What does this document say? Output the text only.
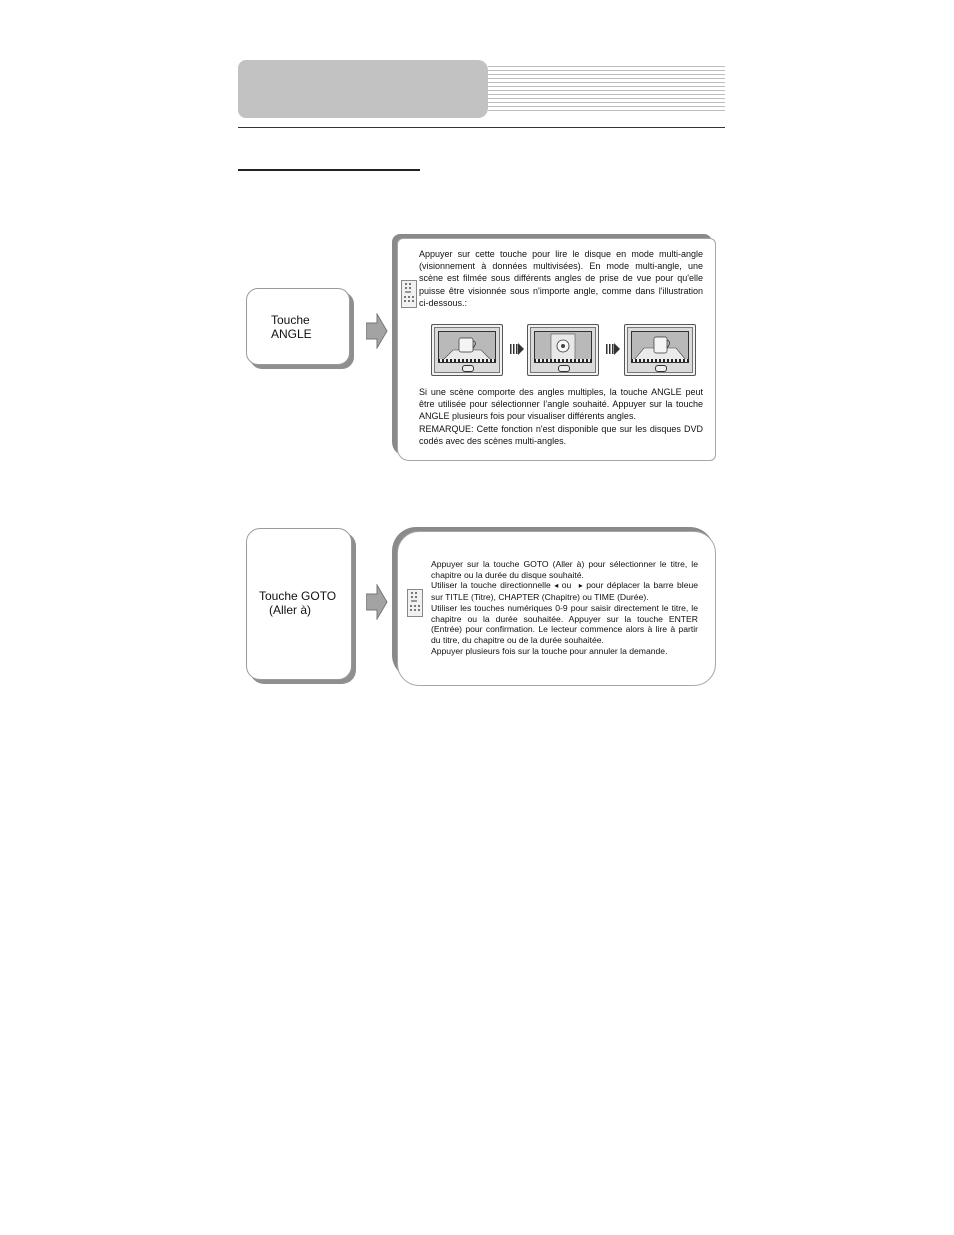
Touche
ANGLE
Appuyer sur cette touche pour lire le disque en mode multi-angle (visionnement à données multivisées). En mode multi-angle, une scène est filmée sous différents angles de prise de vue pour qu'elle puisse être visionnée sous n'importe angle, comme dans l'illustration ci-dessous.:
Si une scène comporte des angles multiples, la touche ANGLE peut être utilisée pour sélectionner l’angle souhaité. Appuyer sur la touche ANGLE plusieurs fois pour visualiser différents angles.
REMARQUE: Cette fonction n'est disponible que sur les disques DVD codés avec des scènes multi-angles.
Touche GOTO
(Aller à)
Appuyer sur la touche GOTO (Aller à) pour sélectionner le titre, le chapitre ou la durée du disque souhaité.
Utiliser la touche directionnelle ◂ ou ▸ pour déplacer la barre bleue sur TITLE (Titre), CHAPTER (Chapitre) ou TIME (Durée).
Utiliser les touches numériques 0-9 pour saisir directement le titre, le chapitre ou la durée souhaitée. Appuyer sur la touche ENTER (Entrée) pour confirmation. Le lecteur commence alors à lire à partir du titre, du chapitre ou de la durée souhaitée.
Appuyer plusieurs fois sur la touche pour annuler la demande.
